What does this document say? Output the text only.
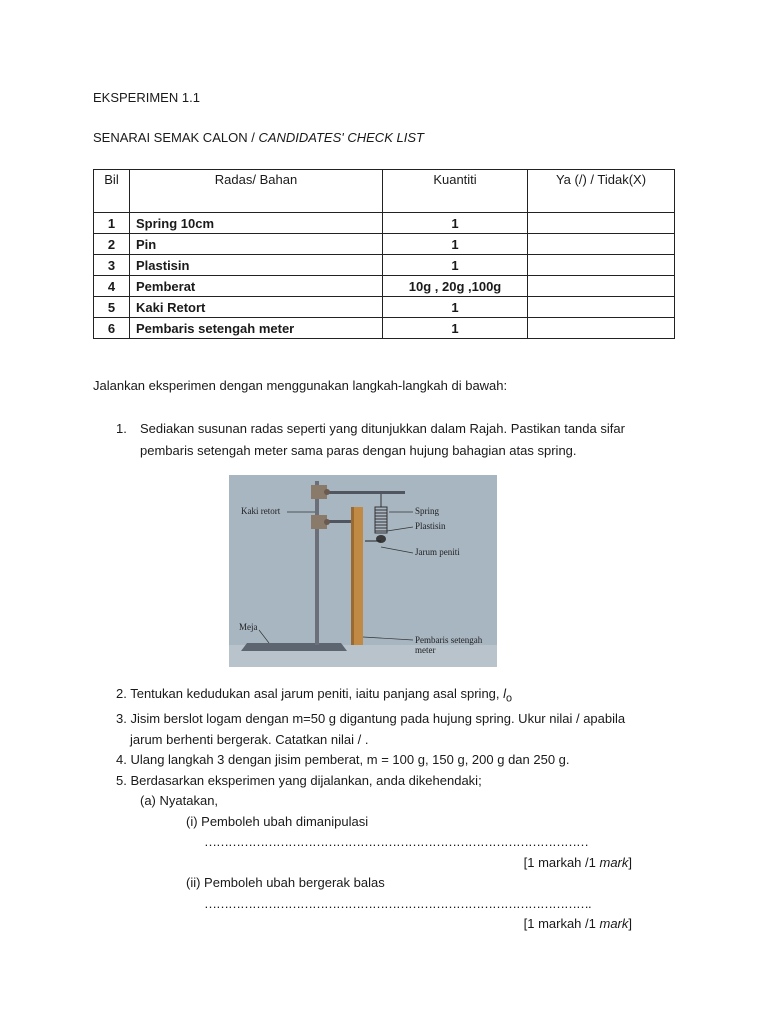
EKSPERIMEN 1.1
SENARAI SEMAK CALON / CANDIDATES' CHECK LIST
Bil	Radas/ Bahan	Kuantiti	Ya (/) / Tidak(X)
1	Spring 10cm	1	
2	Pin	1	
3	Plastisin	1	
4	Pemberat	10g , 20g ,100g	
5	Kaki Retort	1	
6	Pembaris setengah meter	1	
Jalankan eksperimen dengan menggunakan langkah-langkah di bawah:
1. Sediakan susunan radas seperti yang ditunjukkan dalam Rajah. Pastikan tanda sifar pembaris setengah meter sama paras dengan hujung bahagian atas spring.
Kaki retort	Spring
Plastisin
Jarum peniti
Meja
Pembaris setengah
meter
2. Tentukan kedudukan asal jarum peniti, iaitu panjang asal spring, $l_o$
3. Jisim berslot logam dengan m=50 g digantung pada hujung spring. Ukur nilai / apabila
jarum berhenti bergerak. Catatkan nilai / .
4. Ulang langkah 3 dengan jisim pemberat, m = 100 g, 150 g, 200 g dan 250 g.
5. Berdasarkan eksperimen yang dijalankan, anda dikehendaki;
(a) Nyatakan,
(i) Pemboleh ubah dimanipulasi
……………………………………………………………………………………
[1 markah /1 mark]
(ii) Pemboleh ubah bergerak balas
…………………………………………………………………………………….
[1 markah /1 mark]
